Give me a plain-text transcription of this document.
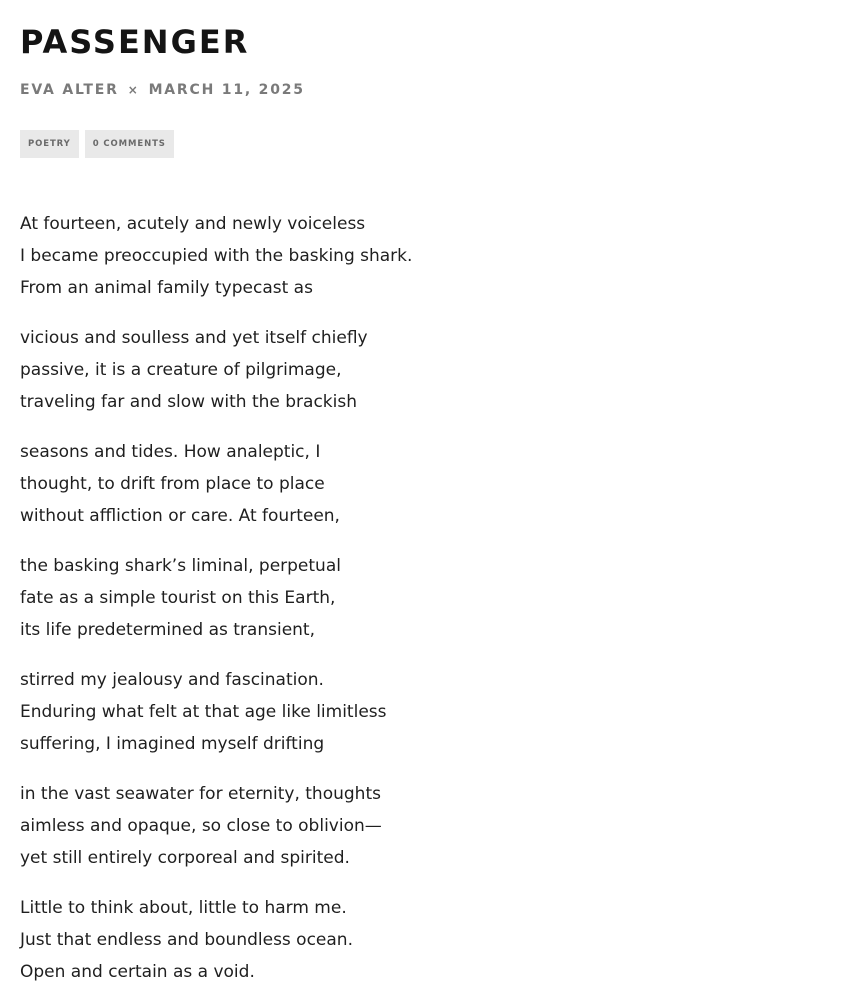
PASSENGER
EVA ALTER × MARCH 11, 2025
POETRY	0 COMMENTS
At fourteen, acutely and newly voiceless
I became preoccupied with the basking shark.
From an animal family typecast as
vicious and soulless and yet itself chiefly
passive, it is a creature of pilgrimage,
traveling far and slow with the brackish
seasons and tides. How analeptic, I
thought, to drift from place to place
without affliction or care. At fourteen,
the basking shark’s liminal, perpetual
fate as a simple tourist on this Earth,
its life predetermined as transient,
stirred my jealousy and fascination.
Enduring what felt at that age like limitless
suffering, I imagined myself drifting
in the vast seawater for eternity, thoughts
aimless and opaque, so close to oblivion—
yet still entirely corporeal and spirited.
Little to think about, little to harm me.
Just that endless and boundless ocean.
Open and certain as a void.
